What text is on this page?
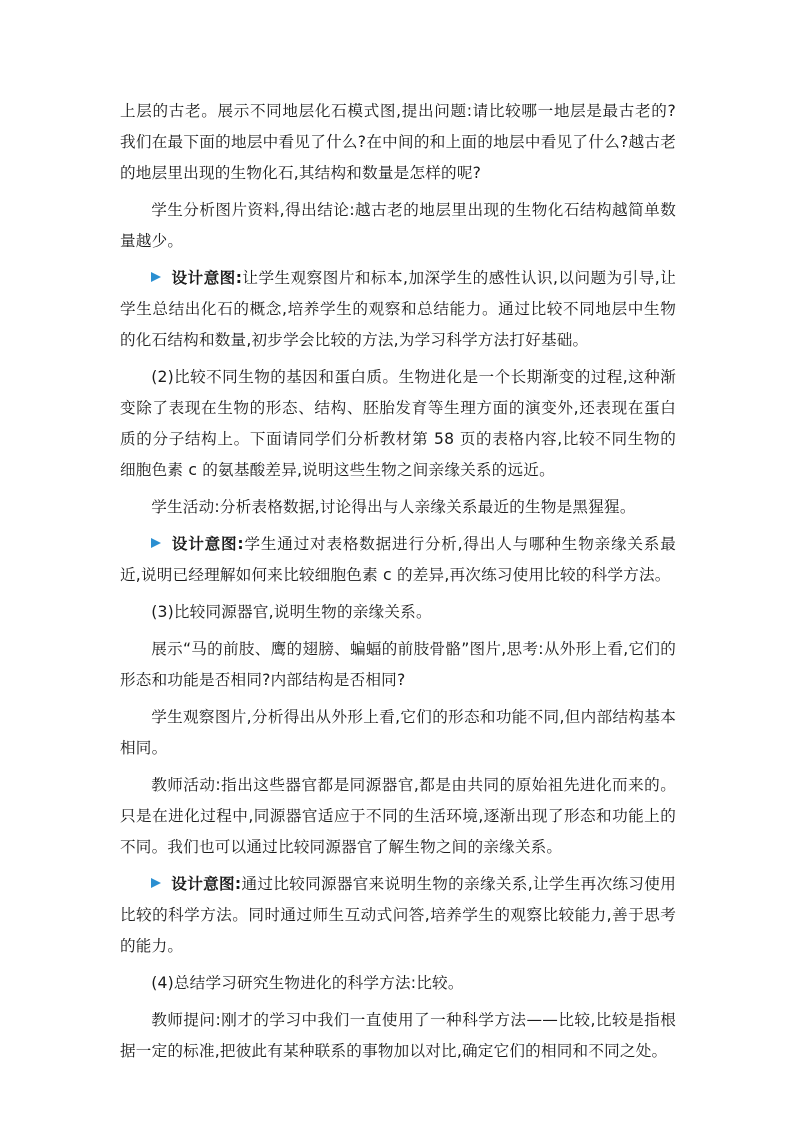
上层的古老。展示不同地层化石模式图,提出问题:请比较哪一地层是最古老的?我们在最下面的地层中看见了什么?在中间的和上面的地层中看见了什么?越古老的地层里出现的生物化石,其结构和数量是怎样的呢?

学生分析图片资料,得出结论:越古老的地层里出现的生物化石结构越简单数量越少。

设计意图:让学生观察图片和标本,加深学生的感性认识,以问题为引导,让学生总结出化石的概念,培养学生的观察和总结能力。通过比较不同地层中生物的化石结构和数量,初步学会比较的方法,为学习科学方法打好基础。

(2)比较不同生物的基因和蛋白质。生物进化是一个长期渐变的过程,这种渐变除了表现在生物的形态、结构、胚胎发育等生理方面的演变外,还表现在蛋白质的分子结构上。下面请同学们分析教材第 58 页的表格内容,比较不同生物的细胞色素 c 的氨基酸差异,说明这些生物之间亲缘关系的远近。

学生活动:分析表格数据,讨论得出与人亲缘关系最近的生物是黑猩猩。

设计意图:学生通过对表格数据进行分析,得出人与哪种生物亲缘关系最近,说明已经理解如何来比较细胞色素 c 的差异,再次练习使用比较的科学方法。

(3)比较同源器官,说明生物的亲缘关系。

展示“马的前肢、鹰的翅膀、蝙蝠的前肢骨骼”图片,思考:从外形上看,它们的形态和功能是否相同?内部结构是否相同?

学生观察图片,分析得出从外形上看,它们的形态和功能不同,但内部结构基本相同。

教师活动:指出这些器官都是同源器官,都是由共同的原始祖先进化而来的。只是在进化过程中,同源器官适应于不同的生活环境,逐渐出现了形态和功能上的不同。我们也可以通过比较同源器官了解生物之间的亲缘关系。

设计意图:通过比较同源器官来说明生物的亲缘关系,让学生再次练习使用比较的科学方法。同时通过师生互动式问答,培养学生的观察比较能力,善于思考的能力。

(4)总结学习研究生物进化的科学方法:比较。

教师提问:刚才的学习中我们一直使用了一种科学方法——比较,比较是指根据一定的标准,把彼此有某种联系的事物加以对比,确定它们的相同和不同之处。
